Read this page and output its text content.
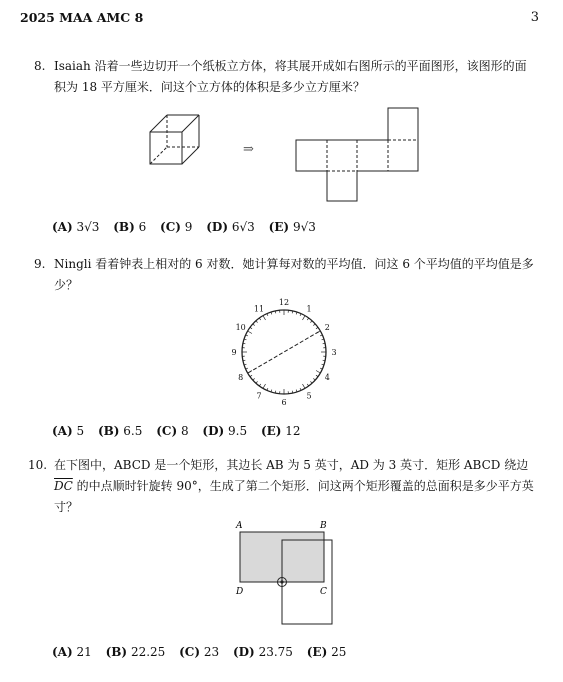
2025 MAA AMC 8	3
8. Isaiah 沿着一些边切开一个纸板立方体，将其展开成如右图所示的平面图形，该图形的面积为 18 平方厘米．问这个立方体的体积是多少立方厘米？
⇒
(A) 3√3 (B) 6 (C) 9 (D) 6√3 (E) 9√3
9. Ningli 看着钟表上相对的 6 对数．她计算每对数的平均值．问这 6 个平均值的平均值是多少？
12
1
2
3
4
5
6
7
8
9
10
11
(A) 5 (B) 6.5 (C) 8 (D) 9.5 (E) 12
10. 在下图中，ABCD 是一个矩形，其边长 AB 为 5 英寸，AD 为 3 英寸．矩形 ABCD 绕边$\overline{DC}$ 的中点顺时针旋转 90°，生成了第二个矩形．问这两个矩形覆盖的总面积是多少平方英寸？
A	B
D	C
(A) 21 (B) 22.25 (C) 23 (D) 23.75 (E) 25
